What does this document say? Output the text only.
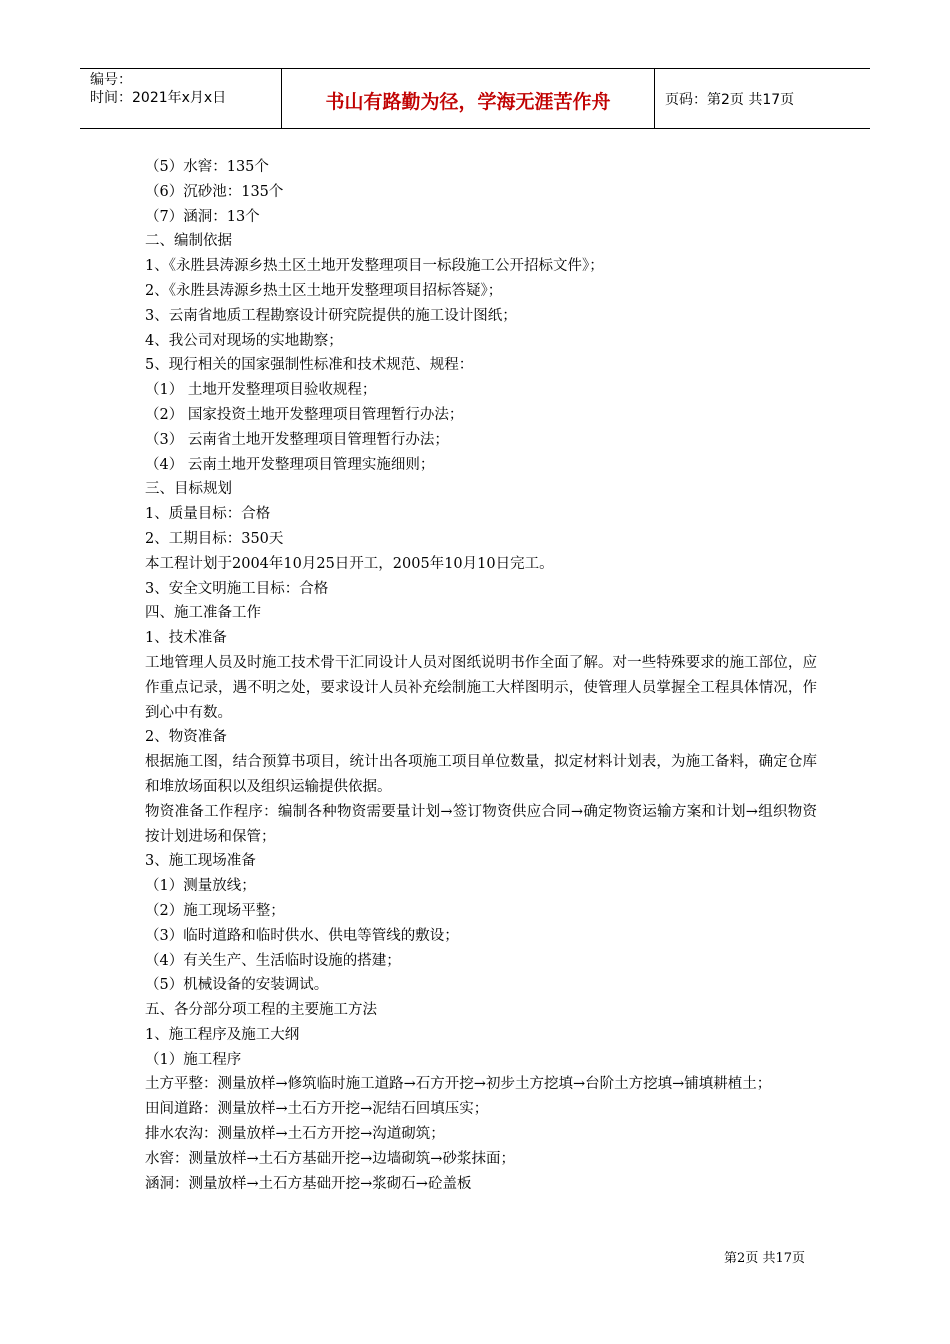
编号：
时间：2021年x月x日	书山有路勤为径，学海无涯苦作舟	页码：第2页 共17页
（5）水窖：135个
（6）沉砂池：135个
（7）涵洞：13个
二、编制依据
1、《永胜县涛源乡热土区土地开发整理项目一标段施工公开招标文件》；
2、《永胜县涛源乡热土区土地开发整理项目招标答疑》；
3、云南省地质工程勘察设计研究院提供的施工设计图纸；
4、我公司对现场的实地勘察；
5、现行相关的国家强制性标准和技术规范、规程：
（1） 土地开发整理项目验收规程；
（2） 国家投资土地开发整理项目管理暂行办法；
（3） 云南省土地开发整理项目管理暂行办法；
（4） 云南土地开发整理项目管理实施细则；
三、目标规划
1、质量目标：合格
2、工期目标：350天
本工程计划于2004年10月25日开工，2005年10月10日完工。
3、安全文明施工目标：合格
四、施工准备工作
1、技术准备
工地管理人员及时施工技术骨干汇同设计人员对图纸说明书作全面了解。对一些特殊要求的施工部位，应作重点记录，遇不明之处，要求设计人员补充绘制施工大样图明示，使管理人员掌握全工程具体情况，作到心中有数。
2、物资准备
根据施工图，结合预算书项目，统计出各项施工项目单位数量，拟定材料计划表，为施工备料，确定仓库和堆放场面积以及组织运输提供依据。
物资准备工作程序：编制各种物资需要量计划→签订物资供应合同→确定物资运输方案和计划→组织物资按计划进场和保管；
3、施工现场准备
（1）测量放线；
（2）施工现场平整；
（3）临时道路和临时供水、供电等管线的敷设；
（4）有关生产、生活临时设施的搭建；
（5）机械设备的安装调试。
五、各分部分项工程的主要施工方法
1、施工程序及施工大纲
（1）施工程序
土方平整：测量放样→修筑临时施工道路→石方开挖→初步土方挖填→台阶土方挖填→铺填耕植土；
田间道路：测量放样→土石方开挖→泥结石回填压实；
排水农沟：测量放样→土石方开挖→沟道砌筑；
水窖：测量放样→土石方基础开挖→边墙砌筑→砂浆抹面；
涵洞：测量放样→土石方基础开挖→浆砌石→砼盖板
第2页 共17页
